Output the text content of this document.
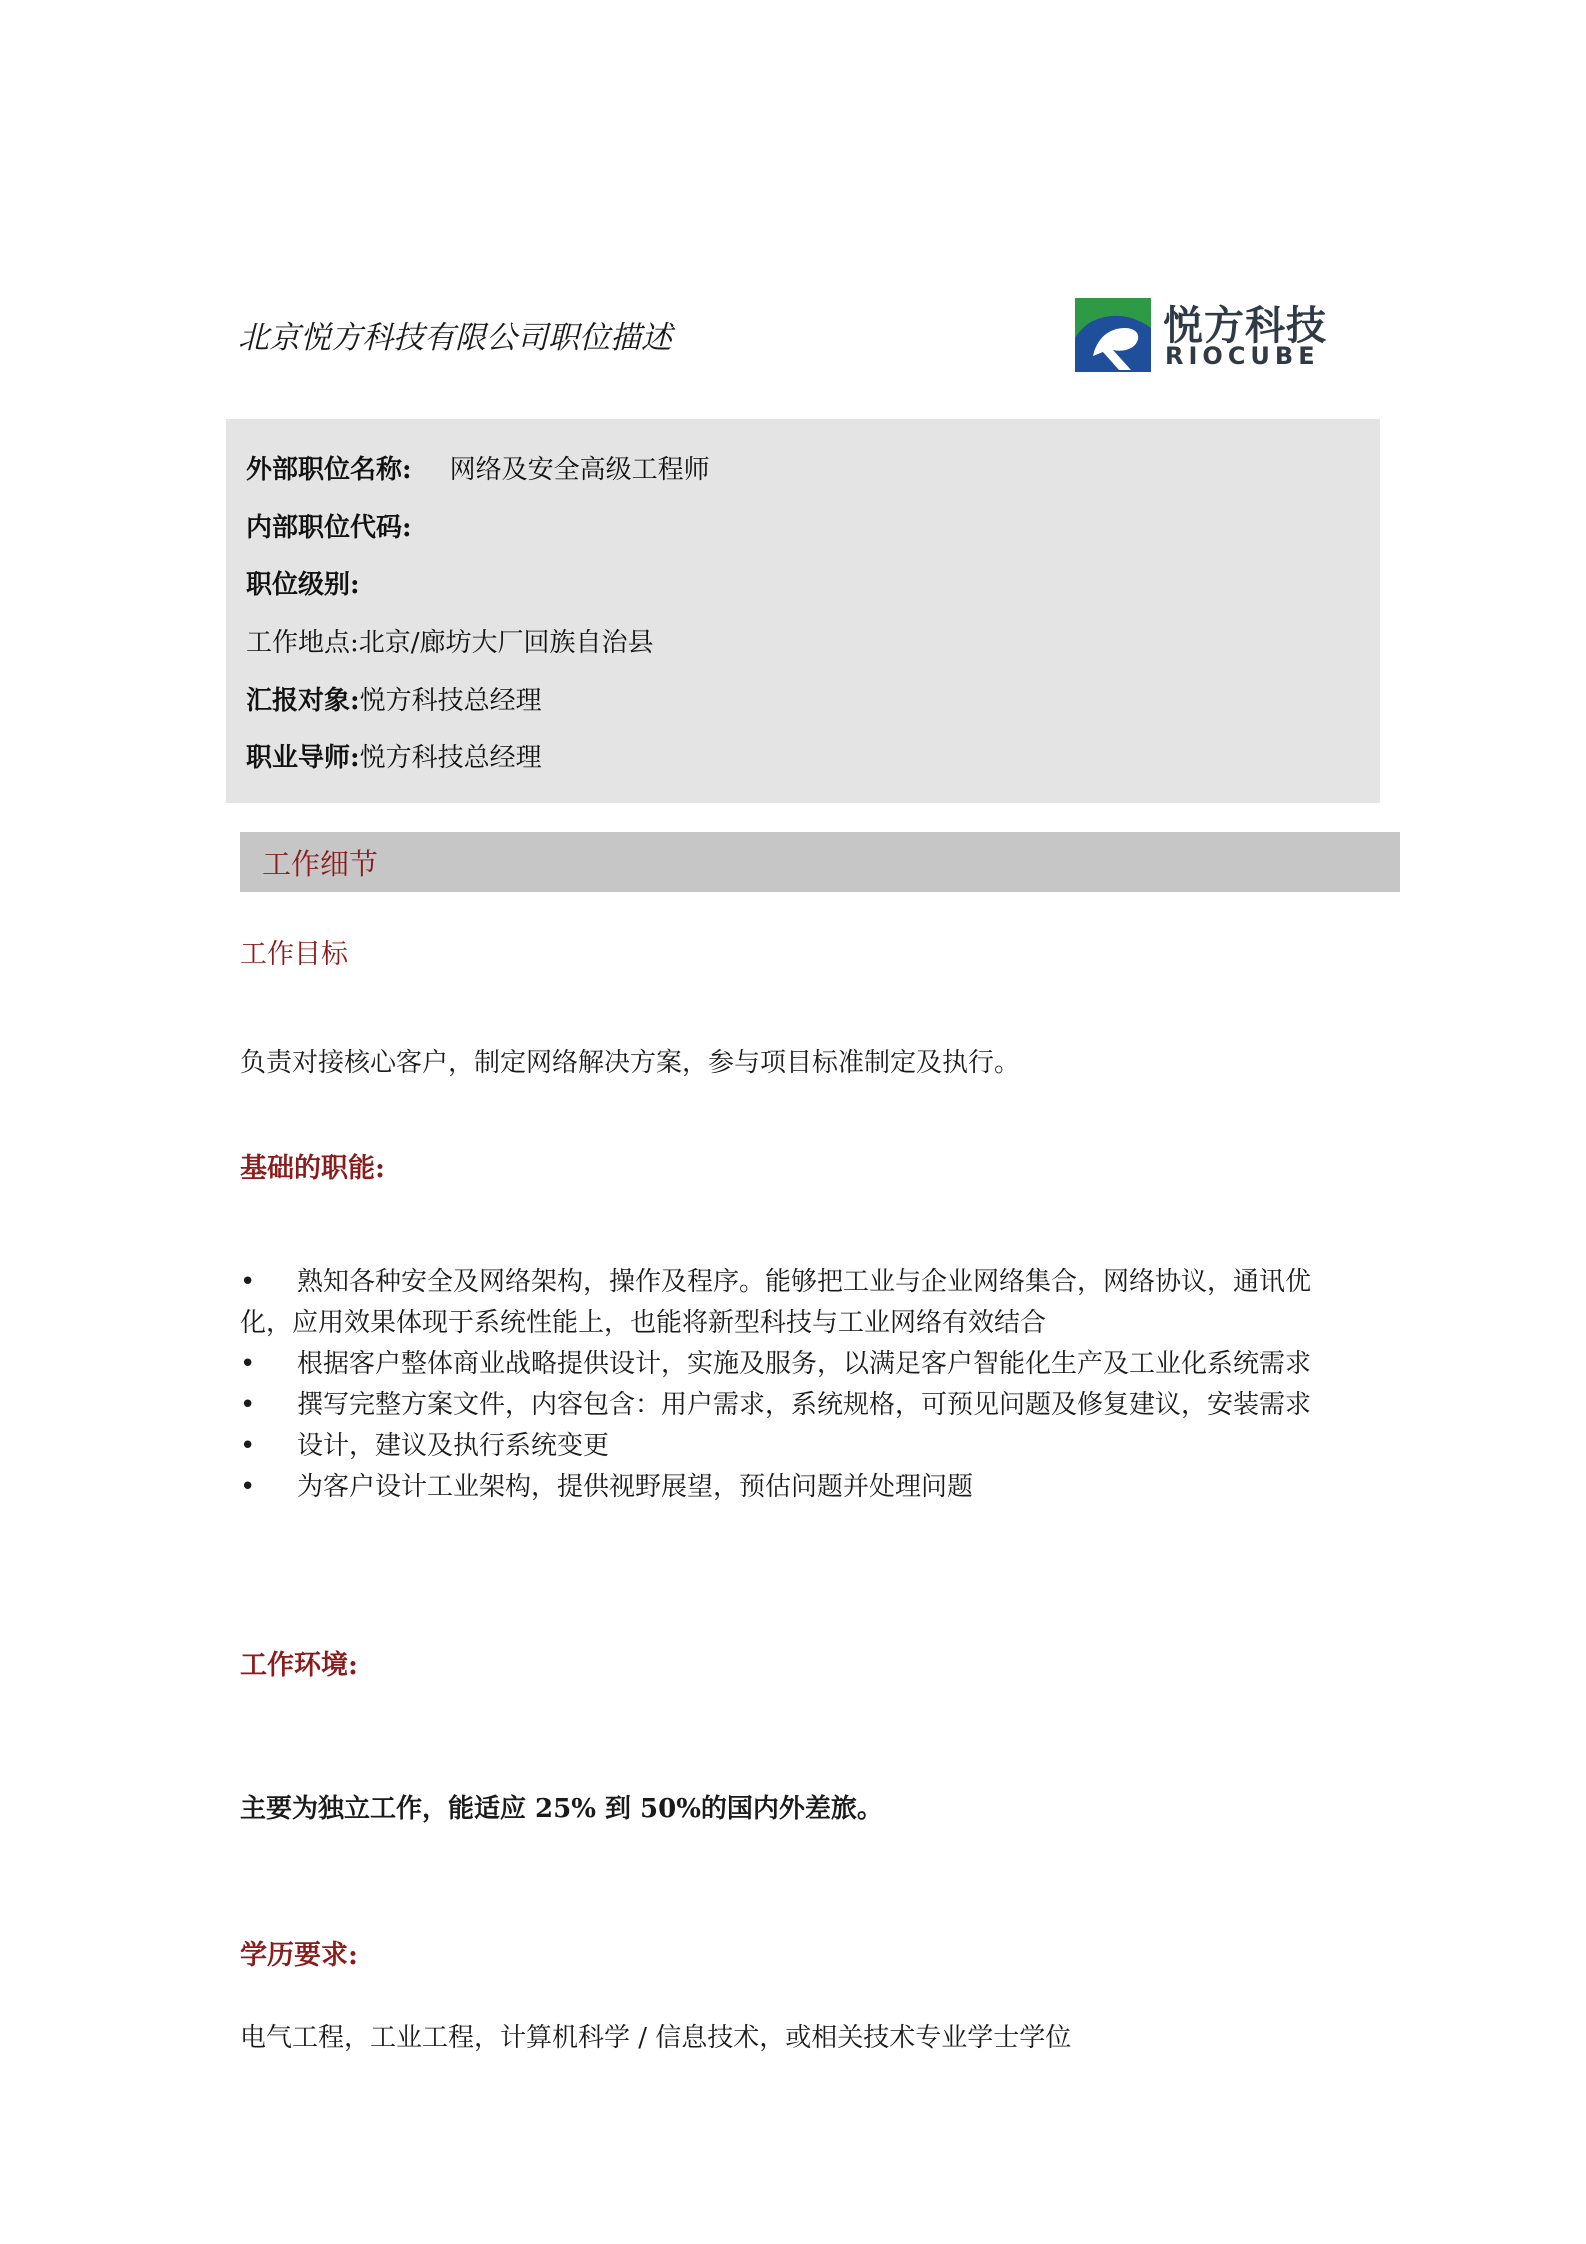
北京悦方科技有限公司职位描述	悦方科技
RIOCUBE
外部职位名称: 网络及安全高级工程师
内部职位代码:
职位级别:
工作地点:北京/廊坊大厂回族自治县
汇报对象:悦方科技总经理
职业导师:悦方科技总经理
工作细节
工作目标
负责对接核心客户，制定网络解决方案，参与项目标准制定及执行。
基础的职能:
• 熟知各种安全及网络架构，操作及程序。能够把工业与企业网络集合，网络协议，通讯优化，应用效果体现于系统性能上，也能将新型科技与工业网络有效结合
• 根据客户整体商业战略提供设计，实施及服务，以满足客户智能化生产及工业化系统需求
• 撰写完整方案文件，内容包含：用户需求，系统规格，可预见问题及修复建议，安装需求
• 设计，建议及执行系统变更
• 为客户设计工业架构，提供视野展望，预估问题并处理问题
工作环境:
主要为独立工作，能适应 25% 到 50%的国内外差旅。
学历要求:
电气工程，工业工程，计算机科学 / 信息技术，或相关技术专业学士学位
